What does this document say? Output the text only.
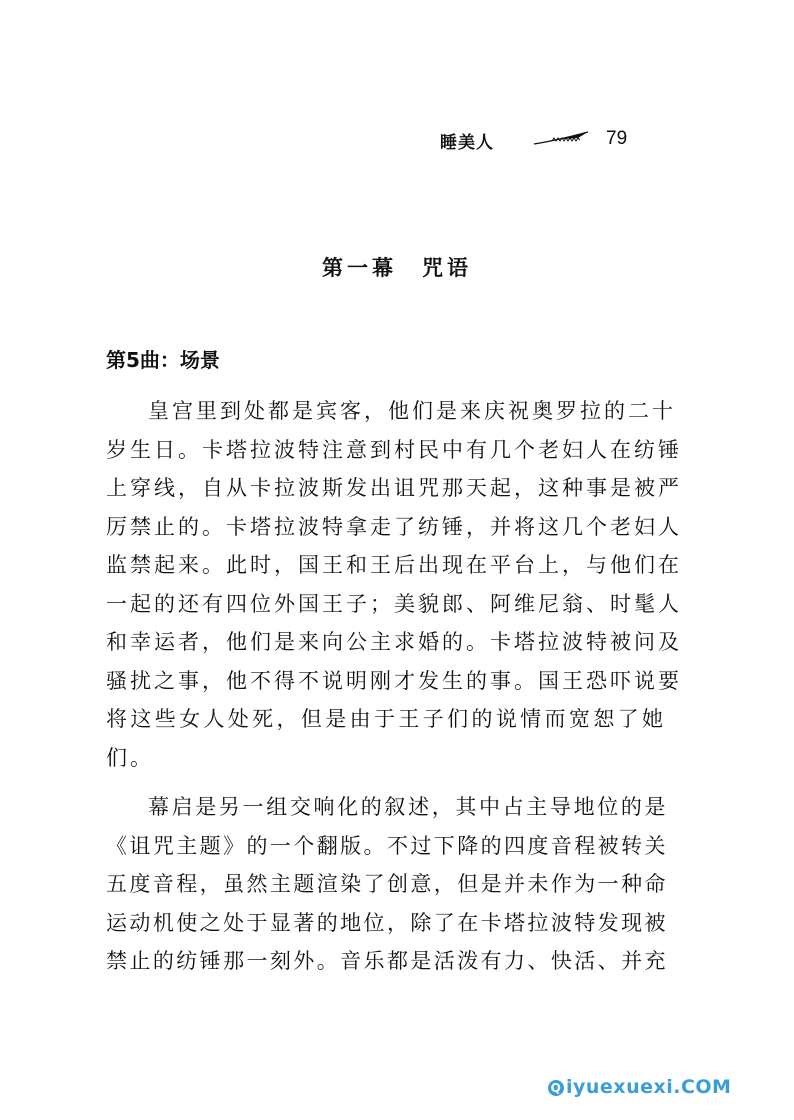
睡美人	79
第一幕　咒语
第5曲：场景

皇宫里到处都是宾客，他们是来庆祝奥罗拉的二十
岁生日。卡塔拉波特注意到村民中有几个老妇人在纺锤
上穿线，自从卡拉波斯发出诅咒那天起，这种事是被严
厉禁止的。卡塔拉波特拿走了纺锤，并将这几个老妇人
监禁起来。此时，国王和王后出现在平台上，与他们在
一起的还有四位外国王子；美貌郎、阿维尼翁、时髦人
和幸运者，他们是来向公主求婚的。卡塔拉波特被问及
骚扰之事，他不得不说明刚才发生的事。国王恐吓说要
将这些女人处死，但是由于王子们的说情而宽恕了她
们。

幕启是另一组交响化的叙述，其中占主导地位的是
《诅咒主题》的一个翻版。不过下降的四度音程被转关
五度音程，虽然主题渲染了创意，但是并未作为一种命
运动机使之处于显著的地位，除了在卡塔拉波特发现被
禁止的纺锤那一刻外。音乐都是活泼有力、快活、并充

Q iyuexuexi.COM
